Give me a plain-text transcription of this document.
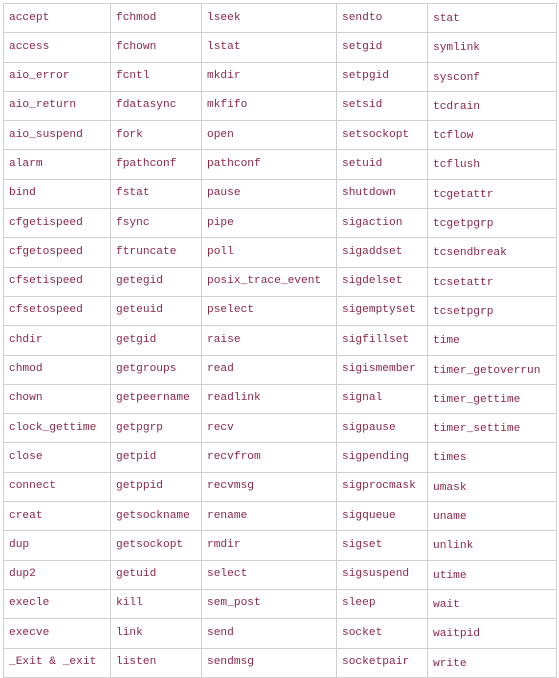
accept	fchmod	lseek	sendto	stat
access	fchown	lstat	setgid	symlink
aio_error	fcntl	mkdir	setpgid	sysconf
aio_return	fdatasync	mkfifo	setsid	tcdrain
aio_suspend	fork	open	setsockopt	tcflow
alarm	fpathconf	pathconf	setuid	tcflush
bind	fstat	pause	shutdown	tcgetattr
cfgetispeed	fsync	pipe	sigaction	tcgetpgrp
cfgetospeed	ftruncate	poll	sigaddset	tcsendbreak
cfsetispeed	getegid	posix_trace_event	sigdelset	tcsetattr
cfsetospeed	geteuid	pselect	sigemptyset	tcsetpgrp
chdir	getgid	raise	sigfillset	time
chmod	getgroups	read	sigismember	timer_getoverrun
chown	getpeername	readlink	signal	timer_gettime
clock_gettime	getpgrp	recv	sigpause	timer_settime
close	getpid	recvfrom	sigpending	times
connect	getppid	recvmsg	sigprocmask	umask
creat	getsockname	rename	sigqueue	uname
dup	getsockopt	rmdir	sigset	unlink
dup2	getuid	select	sigsuspend	utime
execle	kill	sem_post	sleep	wait
execve	link	send	socket	waitpid
_Exit & _exit	listen	sendmsg	socketpair	write
